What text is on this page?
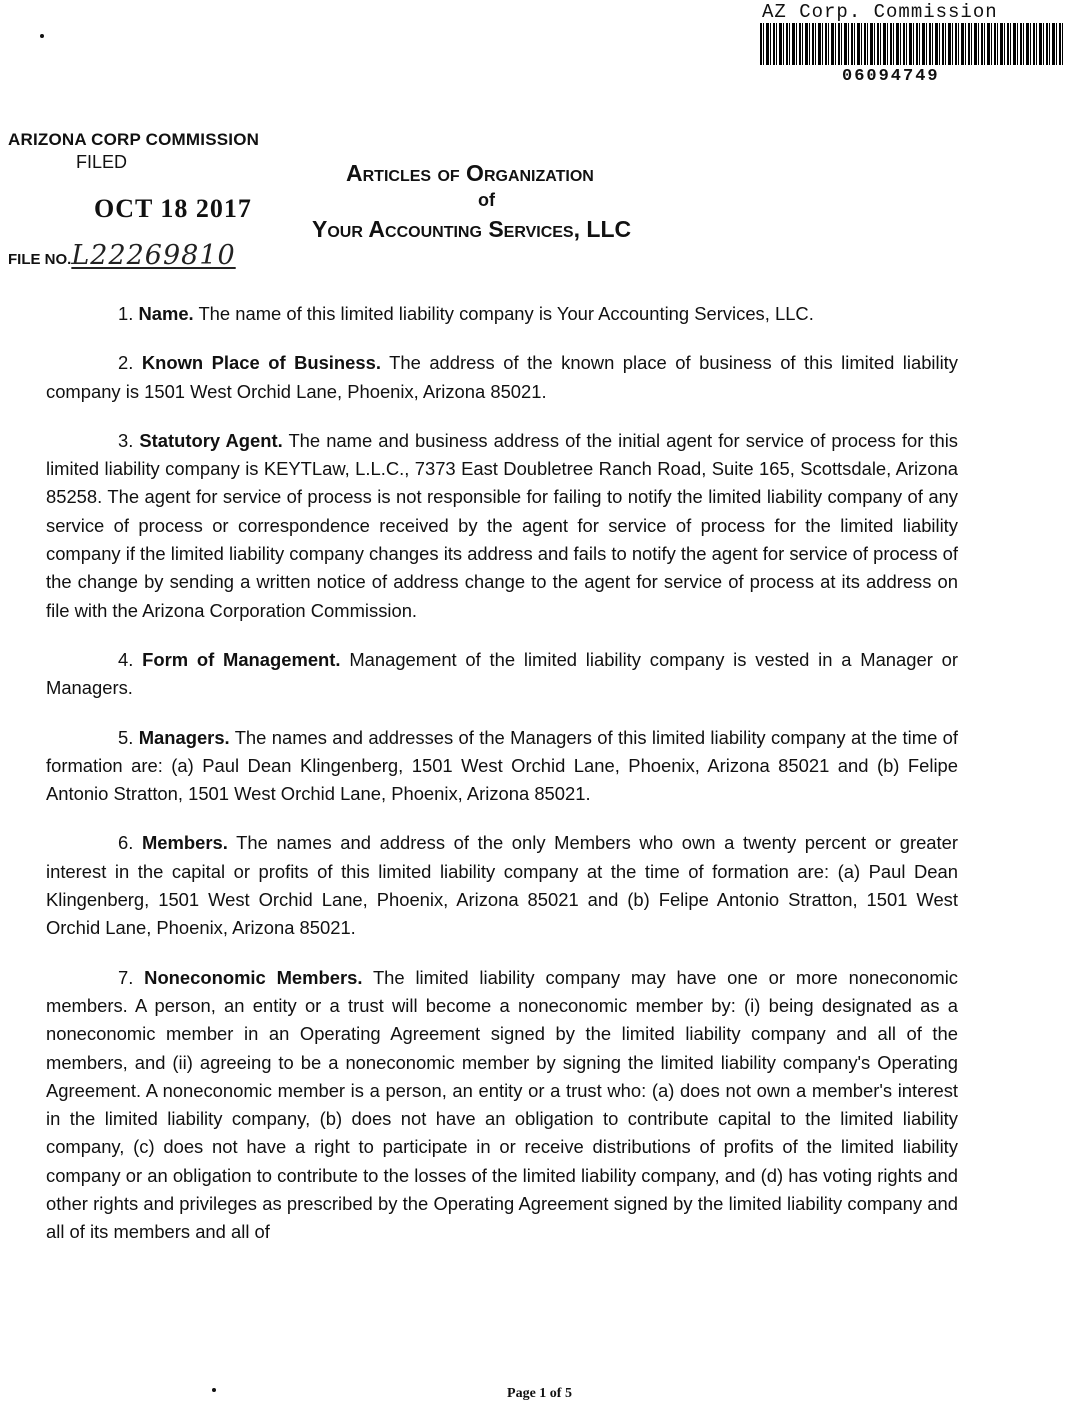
AZ Corp. Commission
06094749
ARIZONA CORP COMMISSION
FILED
OCT 18 2017
FILE NO.L22269810
Articles of Organization
of
Your Accounting Services, LLC

1. Name. The name of this limited liability company is Your Accounting Services, LLC.

2. Known Place of Business. The address of the known place of business of this limited liability company is 1501 West Orchid Lane, Phoenix, Arizona 85021.

3. Statutory Agent. The name and business address of the initial agent for service of process for this limited liability company is KEYTLaw, L.L.C., 7373 East Doubletree Ranch Road, Suite 165, Scottsdale, Arizona 85258. The agent for service of process is not responsible for failing to notify the limited liability company of any service of process or correspondence received by the agent for service of process for the limited liability company if the limited liability company changes its address and fails to notify the agent for service of process of the change by sending a written notice of address change to the agent for service of process at its address on file with the Arizona Corporation Commission.

4. Form of Management. Management of the limited liability company is vested in a Manager or Managers.

5. Managers. The names and addresses of the Managers of this limited liability company at the time of formation are: (a) Paul Dean Klingenberg, 1501 West Orchid Lane, Phoenix, Arizona 85021 and (b) Felipe Antonio Stratton, 1501 West Orchid Lane, Phoenix, Arizona 85021.

6. Members. The names and address of the only Members who own a twenty percent or greater interest in the capital or profits of this limited liability company at the time of formation are: (a) Paul Dean Klingenberg, 1501 West Orchid Lane, Phoenix, Arizona 85021 and (b) Felipe Antonio Stratton, 1501 West Orchid Lane, Phoenix, Arizona 85021.

7. Noneconomic Members. The limited liability company may have one or more noneconomic members. A person, an entity or a trust will become a noneconomic member by: (i) being designated as a noneconomic member in an Operating Agreement signed by the limited liability company and all of the members, and (ii) agreeing to be a noneconomic member by signing the limited liability company's Operating Agreement. A noneconomic member is a person, an entity or a trust who: (a) does not own a member's interest in the limited liability company, (b) does not have an obligation to contribute capital to the limited liability company, (c) does not have a right to participate in or receive distributions of profits of the limited liability company or an obligation to contribute to the losses of the limited liability company, and (d) has voting rights and other rights and privileges as prescribed by the Operating Agreement signed by the limited liability company and all of its members and all of

Page 1 of 5
